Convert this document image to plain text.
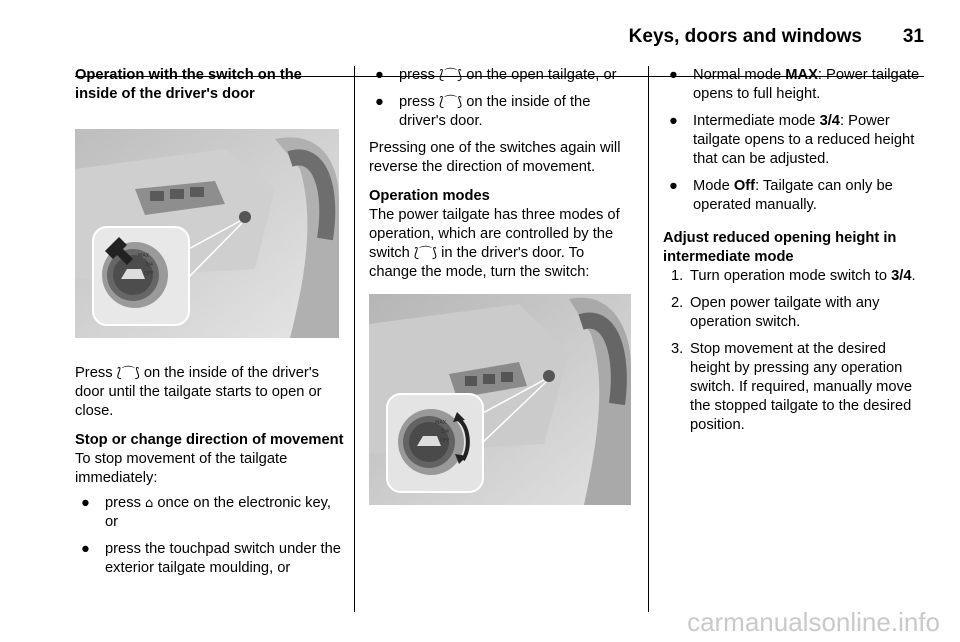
Keys, doors and windows 31

Operation with the switch on the inside of the driver's door

MAX
3/4
OFF

Press ⟅⌒⟆ on the inside of the driver's door until the tailgate starts to open or close.

Stop or change direction of movement

To stop movement of the tailgate immediately:

● press ⌂ once on the electronic key, or
● press the touchpad switch under the exterior tailgate moulding, or
● press ⟅⌒⟆ on the open tailgate, or
● press ⟅⌒⟆ on the inside of the driver's door.

Pressing one of the switches again will reverse the direction of movement.

Operation modes

The power tailgate has three modes of operation, which are controlled by the switch ⟅⌒⟆ in the driver's door. To change the mode, turn the switch:

MAX
3/4
OFF
● Normal mode MAX: Power tailgate opens to full height.
● Intermediate mode 3/4: Power tailgate opens to a reduced height that can be adjusted.
● Mode Off: Tailgate can only be operated manually.

Adjust reduced opening height in intermediate mode

1. Turn operation mode switch to 3/4.
2. Open power tailgate with any operation switch.
3. Stop movement at the desired height by pressing any operation switch. If required, manually move the stopped tailgate to the desired position.
carmanualsonline.info
